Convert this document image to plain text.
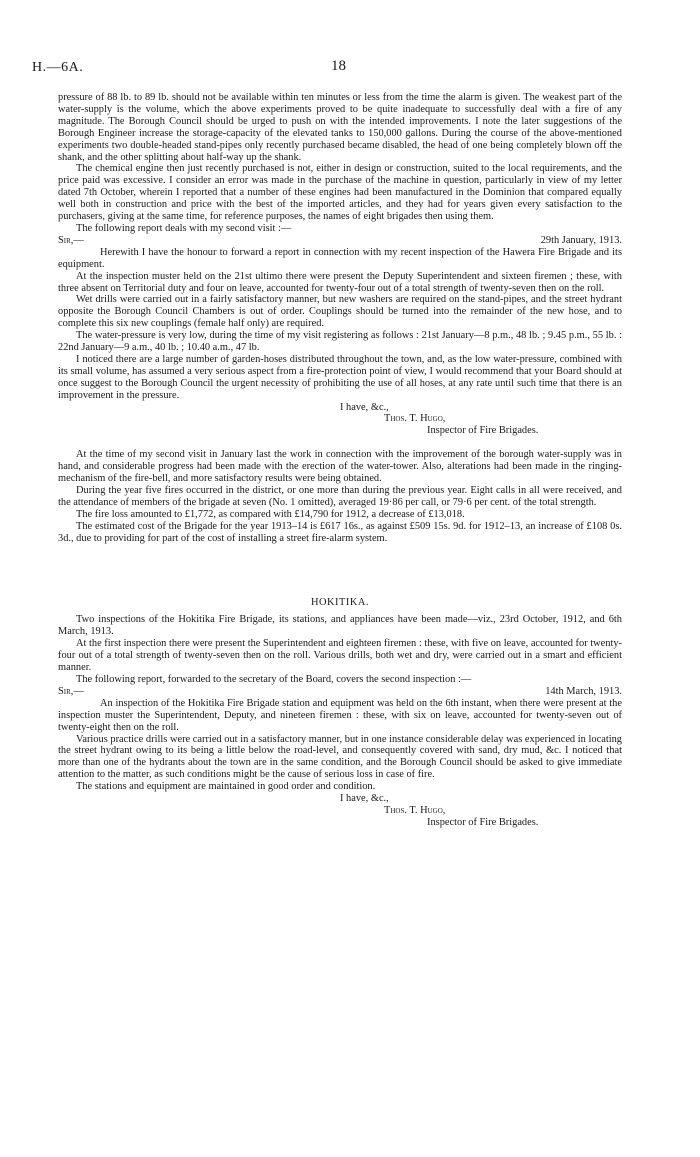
H.—6A.	18

pressure of 88 lb. to 89 lb. should not be available within ten minutes or less from the time the alarm is given. The weakest part of the water-supply is the volume, which the above experiments proved to be quite inadequate to successfully deal with a fire of any magnitude. The Borough Council should be urged to push on with the intended improvements. I note the later suggestions of the Borough Engineer increase the storage-capacity of the elevated tanks to 150,000 gallons. During the course of the above-mentioned experiments two double-headed stand-pipes only recently purchased became disabled, the head of one being completely blown off the shank, and the other splitting about half-way up the shank.

The chemical engine then just recently purchased is not, either in design or construction, suited to the local requirements, and the price paid was excessive. I consider an error was made in the purchase of the machine in question, particularly in view of my letter dated 7th October, wherein I reported that a number of these engines had been manufactured in the Dominion that compared equally well both in construction and price with the best of the imported articles, and they had for years given every satisfaction to the purchasers, giving at the same time, for reference purposes, the names of eight brigades then using them.

The following report deals with my second visit :—

Sir,—	29th January, 1913.

Herewith I have the honour to forward a report in connection with my recent inspection of the Hawera Fire Brigade and its equipment.

At the inspection muster held on the 21st ultimo there were present the Deputy Superintendent and sixteen firemen ; these, with three absent on Territorial duty and four on leave, accounted for twenty-four out of a total strength of twenty-seven then on the roll.

Wet drills were carried out in a fairly satisfactory manner, but new washers are required on the stand-pipes, and the street hydrant opposite the Borough Council Chambers is out of order. Couplings should be turned into the remainder of the new hose, and to complete this six new couplings (female half only) are required.

The water-pressure is very low, during the time of my visit registering as follows : 21st January—8 p.m., 48 lb. ; 9.45 p.m., 55 lb. : 22nd January—9 a.m., 40 lb. ; 10.40 a.m., 47 lb.

I noticed there are a large number of garden-hoses distributed throughout the town, and, as the low water-pressure, combined with its small volume, has assumed a very serious aspect from a fire-protection point of view, I would recommend that your Board should at once suggest to the Borough Council the urgent necessity of prohibiting the use of all hoses, at any rate until such time that there is an improvement in the pressure.

I have, &c.,
Thos. T. Hugo,
Inspector of Fire Brigades.

At the time of my second visit in January last the work in connection with the improvement of the borough water-supply was in hand, and considerable progress had been made with the erection of the water-tower. Also, alterations had been made in the ringing-mechanism of the fire-bell, and more satisfactory results were being obtained.

During the year five fires occurred in the district, or one more than during the previous year. Eight calls in all were received, and the attendance of members of the brigade at seven (No. 1 omitted), averaged 19·86 per call, or 79·6 per cent. of the total strength.

The fire loss amounted to £1,772, as compared with £14,790 for 1912, a decrease of £13,018.

The estimated cost of the Brigade for the year 1913–14 is £617 16s., as against £509 15s. 9d. for 1912–13, an increase of £108 0s. 3d., due to providing for part of the cost of installing a street fire-alarm system.

HOKITIKA.

Two inspections of the Hokitika Fire Brigade, its stations, and appliances have been made—viz., 23rd October, 1912, and 6th March, 1913.

At the first inspection there were present the Superintendent and eighteen firemen : these, with five on leave, accounted for twenty-four out of a total strength of twenty-seven then on the roll. Various drills, both wet and dry, were carried out in a smart and efficient manner.

The following report, forwarded to the secretary of the Board, covers the second inspection :—

Sir,—	14th March, 1913.

An inspection of the Hokitika Fire Brigade station and equipment was held on the 6th instant, when there were present at the inspection muster the Superintendent, Deputy, and nineteen firemen : these, with six on leave, accounted for twenty-seven out of twenty-eight then on the roll.

Various practice drills were carried out in a satisfactory manner, but in one instance considerable delay was experienced in locating the street hydrant owing to its being a little below the road-level, and consequently covered with sand, dry mud, &c. I noticed that more than one of the hydrants about the town are in the same condition, and the Borough Council should be asked to give immediate attention to the matter, as such conditions might be the cause of serious loss in case of fire.

The stations and equipment are maintained in good order and condition.

I have, &c.,
Thos. T. Hugo,
Inspector of Fire Brigades.
